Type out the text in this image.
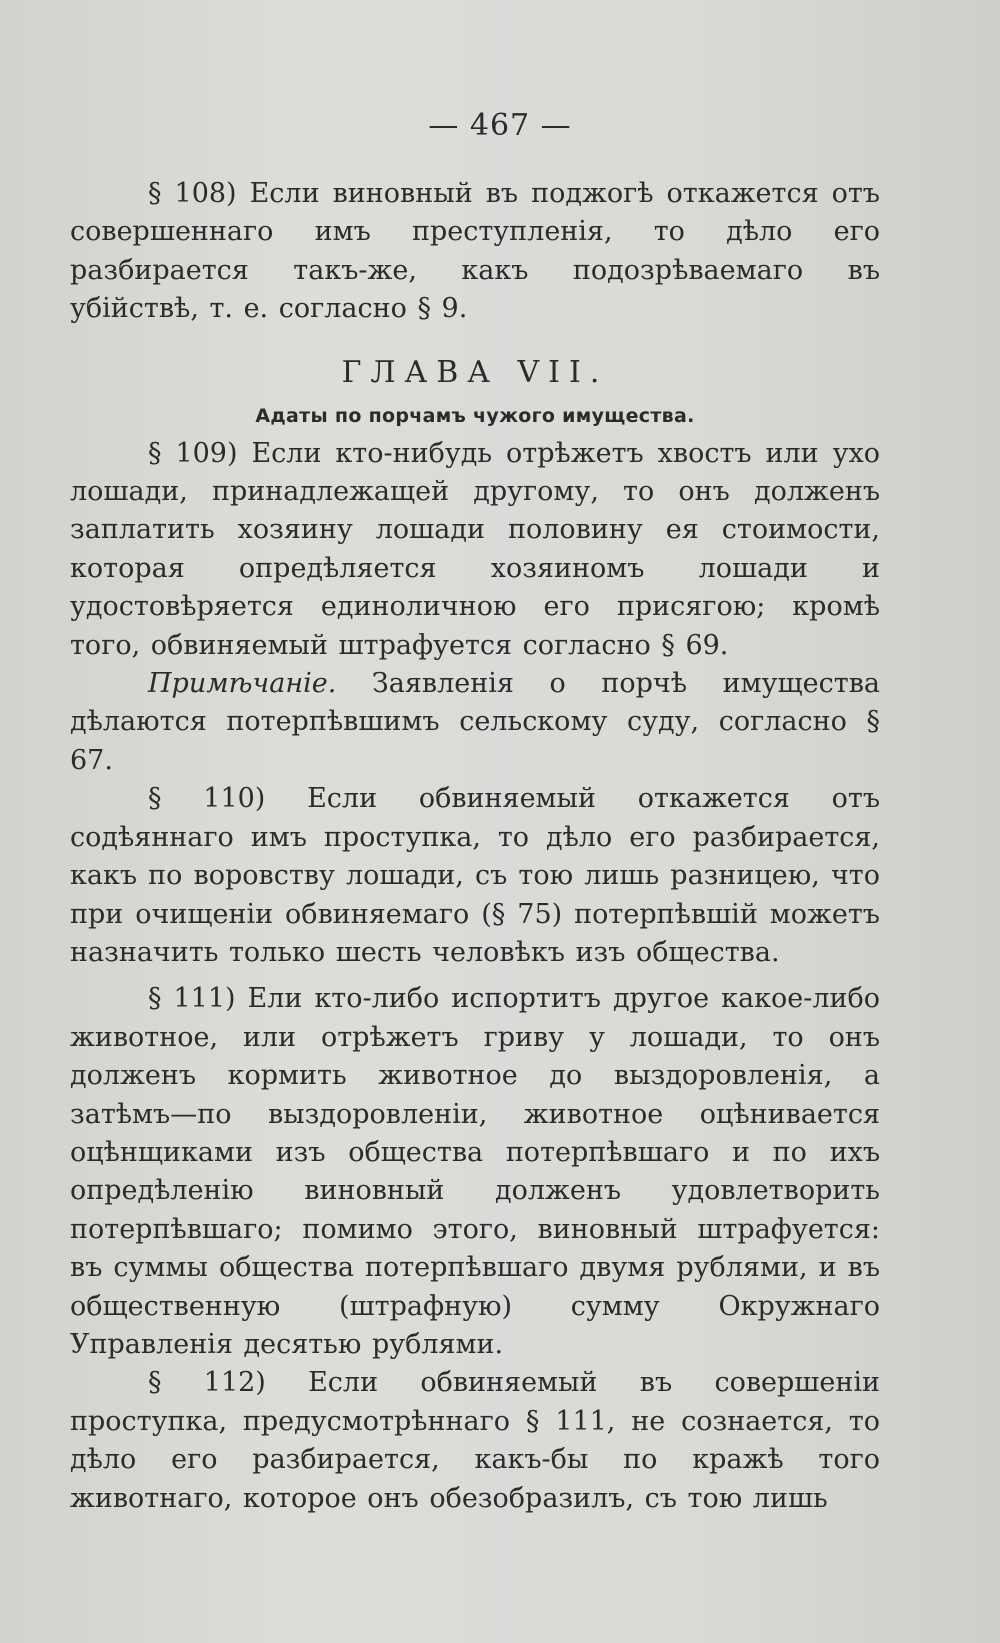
— 467 —

§ 108) Если виновный въ поджогѣ откажется отъ совершеннаго имъ преступленія, то дѣло его разбирается такъ-же, какъ подозрѣваемаго въ убійствѣ, т. е. согласно § 9.

ГЛАВА VII.
Адаты по порчамъ чужого имущества.

§ 109) Если кто-нибудь отрѣжетъ хвостъ или ухо лошади, принадлежащей другому, то онъ долженъ заплатить хозяину лошади половину ея стоимости, которая опредѣляется хозяиномъ лошади и удостовѣряется единоличною его присягою; кромѣ того, обвиняемый штрафуется согласно § 69.

Примѣчаніе. Заявленія о порчѣ имущества дѣлаются потерпѣвшимъ сельскому суду, согласно § 67.

§ 110) Если обвиняемый откажется отъ содѣяннаго имъ проступка, то дѣло его разбирается, какъ по воровству лошади, съ тою лишь разницею, что при очищеніи обвиняемаго (§ 75) потерпѣвшій можетъ назначить только шесть человѣкъ изъ общества.

§ 111) Ели кто-либо испортитъ другое какое-либо животное, или отрѣжетъ гриву у лошади, то онъ долженъ кормить животное до выздоровленія, а затѣмъ—по выздоровленіи, животное оцѣнивается оцѣнщиками изъ общества потерпѣвшаго и по ихъ опредѣленію виновный долженъ удовлетворить потерпѣвшаго; помимо этого, виновный штрафуется: въ суммы общества потерпѣвшаго двумя рублями, и въ общественную (штрафную) сумму Окружнаго Управленія десятью рублями.

§ 112) Если обвиняемый въ совершеніи проступка, предусмотрѣннаго § 111, не сознается, то дѣло его разбирается, какъ-бы по кражѣ того животнаго, которое онъ обезобразилъ, съ тою лишь
